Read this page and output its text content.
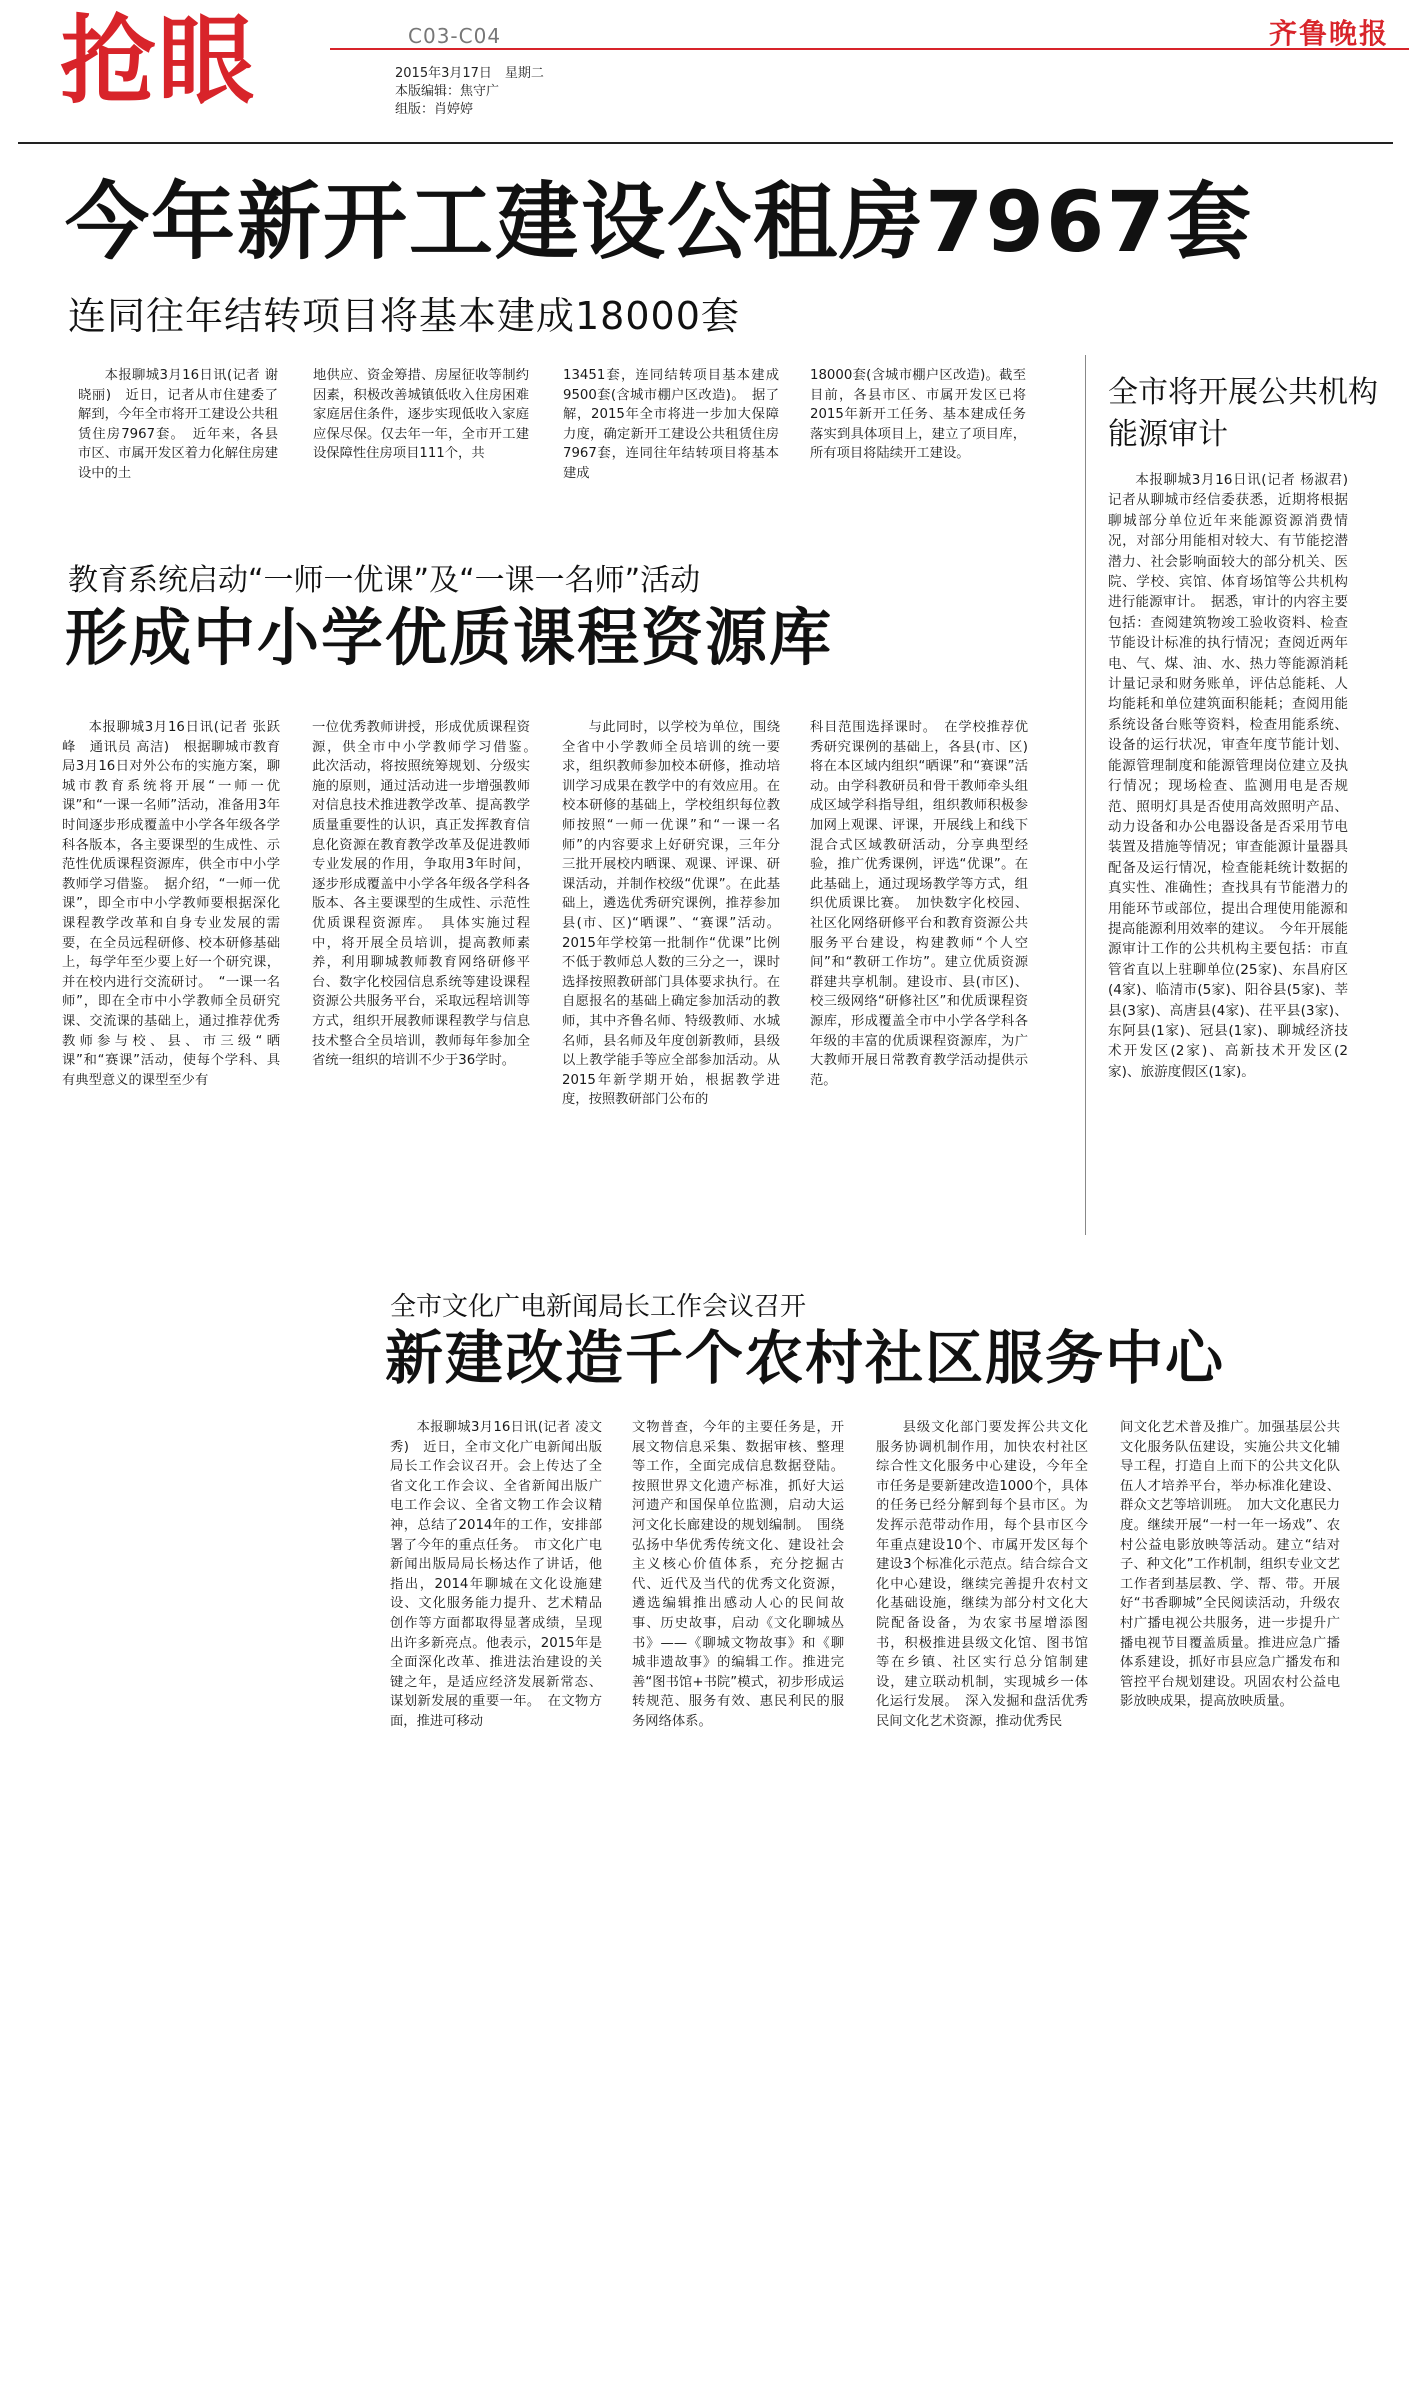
抢眼	C03-C04
2015年3月17日　星期二
本版编辑：焦守广
组版：肖婷婷
齐鲁晚报
今年新开工建设公租房7967套
连同往年结转项目将基本建成18000套

本报聊城3月16日讯(记者 谢晓丽)　近日，记者从市住建委了解到，今年全市将开工建设公共租赁住房7967套。　近年来，各县市区、市属开发区着力化解住房建设中的土

地供应、资金筹措、房屋征收等制约因素，积极改善城镇低收入住房困难家庭居住条件，逐步实现低收入家庭应保尽保。仅去年一年，全市开工建设保障性住房项目111个，共

13451套，连同结转项目基本建成9500套(含城市棚户区改造)。　据了解，2015年全市将进一步加大保障力度，确定新开工建设公共租赁住房7967套，连同往年结转项目将基本建成

18000套(含城市棚户区改造)。截至目前，各县市区、市属开发区已将2015年新开工任务、基本建成任务落实到具体项目上，建立了项目库，所有项目将陆续开工建设。

教育系统启动“一师一优课”及“一课一名师”活动
形成中小学优质课程资源库

本报聊城3月16日讯(记者 张跃峰　通讯员 高洁)　根据聊城市教育局3月16日对外公布的实施方案，聊城市教育系统将开展“一师一优课”和“一课一名师”活动，准备用3年时间逐步形成覆盖中小学各年级各学科各版本，各主要课型的生成性、示范性优质课程资源库，供全市中小学教师学习借鉴。　据介绍，“一师一优课”，即全市中小学教师要根据深化课程教学改革和自身专业发展的需要，在全员远程研修、校本研修基础上，每学年至少要上好一个研究课，并在校内进行交流研讨。　“一课一名师”，即在全市中小学教师全员研究课、交流课的基础上，通过推荐优秀教师参与校、县、市三级“晒课”和“赛课”活动，使每个学科、具有典型意义的课型至少有

一位优秀教师讲授，形成优质课程资源，供全市中小学教师学习借鉴。　此次活动，将按照统筹规划、分级实施的原则，通过活动进一步增强教师对信息技术推进教学改革、提高教学质量重要性的认识，真正发挥教育信息化资源在教育教学改革及促进教师专业发展的作用，争取用3年时间，逐步形成覆盖中小学各年级各学科各版本、各主要课型的生成性、示范性优质课程资源库。　具体实施过程中，将开展全员培训，提高教师素养，利用聊城教师教育网络研修平台、数字化校园信息系统等建设课程资源公共服务平台，采取远程培训等方式，组织开展教师课程教学与信息技术整合全员培训，教师每年参加全省统一组织的培训不少于36学时。

与此同时，以学校为单位，围绕全省中小学教师全员培训的统一要求，组织教师参加校本研修，推动培训学习成果在教学中的有效应用。在校本研修的基础上，学校组织每位教师按照“一师一优课”和“一课一名师”的内容要求上好研究课，三年分三批开展校内晒课、观课、评课、研课活动，并制作校级“优课”。在此基础上，遴选优秀研究课例，推荐参加县(市、区)“晒课”、“赛课”活动。2015年学校第一批制作“优课”比例不低于教师总人数的三分之一，课时选择按照教研部门具体要求执行。在自愿报名的基础上确定参加活动的教师，其中齐鲁名师、特级教师、水城名师，县名师及年度创新教师，县级以上教学能手等应全部参加活动。从2015年新学期开始，根据教学进度，按照教研部门公布的

科目范围选择课时。　在学校推荐优秀研究课例的基础上，各县(市、区)将在本区域内组织“晒课”和“赛课”活动。由学科教研员和骨干教师牵头组成区域学科指导组，组织教师积极参加网上观课、评课，开展线上和线下混合式区域教研活动，分享典型经验，推广优秀课例，评选“优课”。在此基础上，通过现场教学等方式，组织优质课比赛。　加快数字化校园、社区化网络研修平台和教育资源公共服务平台建设，构建教师“个人空间”和“教研工作坊”。建立优质资源群建共享机制。建设市、县(市区)、校三级网络“研修社区”和优质课程资源库，形成覆盖全市中小学各学科各年级的丰富的优质课程资源库，为广大教师开展日常教育教学活动提供示范。

全市将开展公共机构能源审计

本报聊城3月16日讯(记者 杨淑君)　记者从聊城市经信委获悉，近期将根据聊城部分单位近年来能源资源消费情况，对部分用能相对较大、有节能挖潜潜力、社会影响面较大的部分机关、医院、学校、宾馆、体育场馆等公共机构进行能源审计。　据悉，审计的内容主要包括：查阅建筑物竣工验收资料、检查节能设计标准的执行情况；查阅近两年电、气、煤、油、水、热力等能源消耗计量记录和财务账单，评估总能耗、人均能耗和单位建筑面积能耗；查阅用能系统设备台账等资料，检查用能系统、设备的运行状况，审查年度节能计划、能源管理制度和能源管理岗位建立及执行情况；现场检查、监测用电是否规范、照明灯具是否使用高效照明产品、动力设备和办公电器设备是否采用节电装置及措施等情况；审查能源计量器具配备及运行情况，检查能耗统计数据的真实性、准确性；查找具有节能潜力的用能环节或部位，提出合理使用能源和提高能源利用效率的建议。　今年开展能源审计工作的公共机构主要包括：市直管省直以上驻聊单位(25家)、东昌府区(4家)、临清市(5家)、阳谷县(5家)、莘县(3家)、高唐县(4家)、茌平县(3家)、东阿县(1家)、冠县(1家)、聊城经济技术开发区(2家)、高新技术开发区(2家)、旅游度假区(1家)。

全市文化广电新闻局长工作会议召开
新建改造千个农村社区服务中心

本报聊城3月16日讯(记者 凌文秀)　近日，全市文化广电新闻出版局长工作会议召开。会上传达了全省文化工作会议、全省新闻出版广电工作会议、全省文物工作会议精神，总结了2014年的工作，安排部署了今年的重点任务。　市文化广电新闻出版局局长杨达作了讲话，他指出，2014年聊城在文化设施建设、文化服务能力提升、艺术精品创作等方面都取得显著成绩，呈现出许多新亮点。他表示，2015年是全面深化改革、推进法治建设的关键之年，是适应经济发展新常态、谋划新发展的重要一年。　在文物方面，推进可移动

文物普查，今年的主要任务是，开展文物信息采集、数据审核、整理等工作，全面完成信息数据登陆。按照世界文化遗产标准，抓好大运河遗产和国保单位监测，启动大运河文化长廊建设的规划编制。　围绕弘扬中华优秀传统文化、建设社会主义核心价值体系，充分挖掘古代、近代及当代的优秀文化资源，遴选编辑推出感动人心的民间故事、历史故事，启动《文化聊城丛书》——《聊城文物故事》和《聊城非遗故事》的编辑工作。推进完善“图书馆+书院”模式，初步形成运转规范、服务有效、惠民利民的服务网络体系。

县级文化部门要发挥公共文化服务协调机制作用，加快农村社区综合性文化服务中心建设，今年全市任务是要新建改造1000个，具体的任务已经分解到每个县市区。为发挥示范带动作用，每个县市区今年重点建设10个、市属开发区每个建设3个标准化示范点。结合综合文化中心建设，继续完善提升农村文化基础设施，继续为部分村文化大院配备设备，为农家书屋增添图书，积极推进县级文化馆、图书馆等在乡镇、社区实行总分馆制建设，建立联动机制，实现城乡一体化运行发展。　深入发掘和盘活优秀民间文化艺术资源，推动优秀民

间文化艺术普及推广。加强基层公共文化服务队伍建设，实施公共文化辅导工程，打造自上而下的公共文化队伍人才培养平台，举办标准化建设、群众文艺等培训班。　加大文化惠民力度。继续开展“一村一年一场戏”、农村公益电影放映等活动。建立“结对子、种文化”工作机制，组织专业文艺工作者到基层教、学、帮、带。开展好“书香聊城”全民阅读活动，升级农村广播电视公共服务，进一步提升广播电视节目覆盖质量。推进应急广播体系建设，抓好市县应急广播发布和管控平台规划建设。巩固农村公益电影放映成果，提高放映质量。
